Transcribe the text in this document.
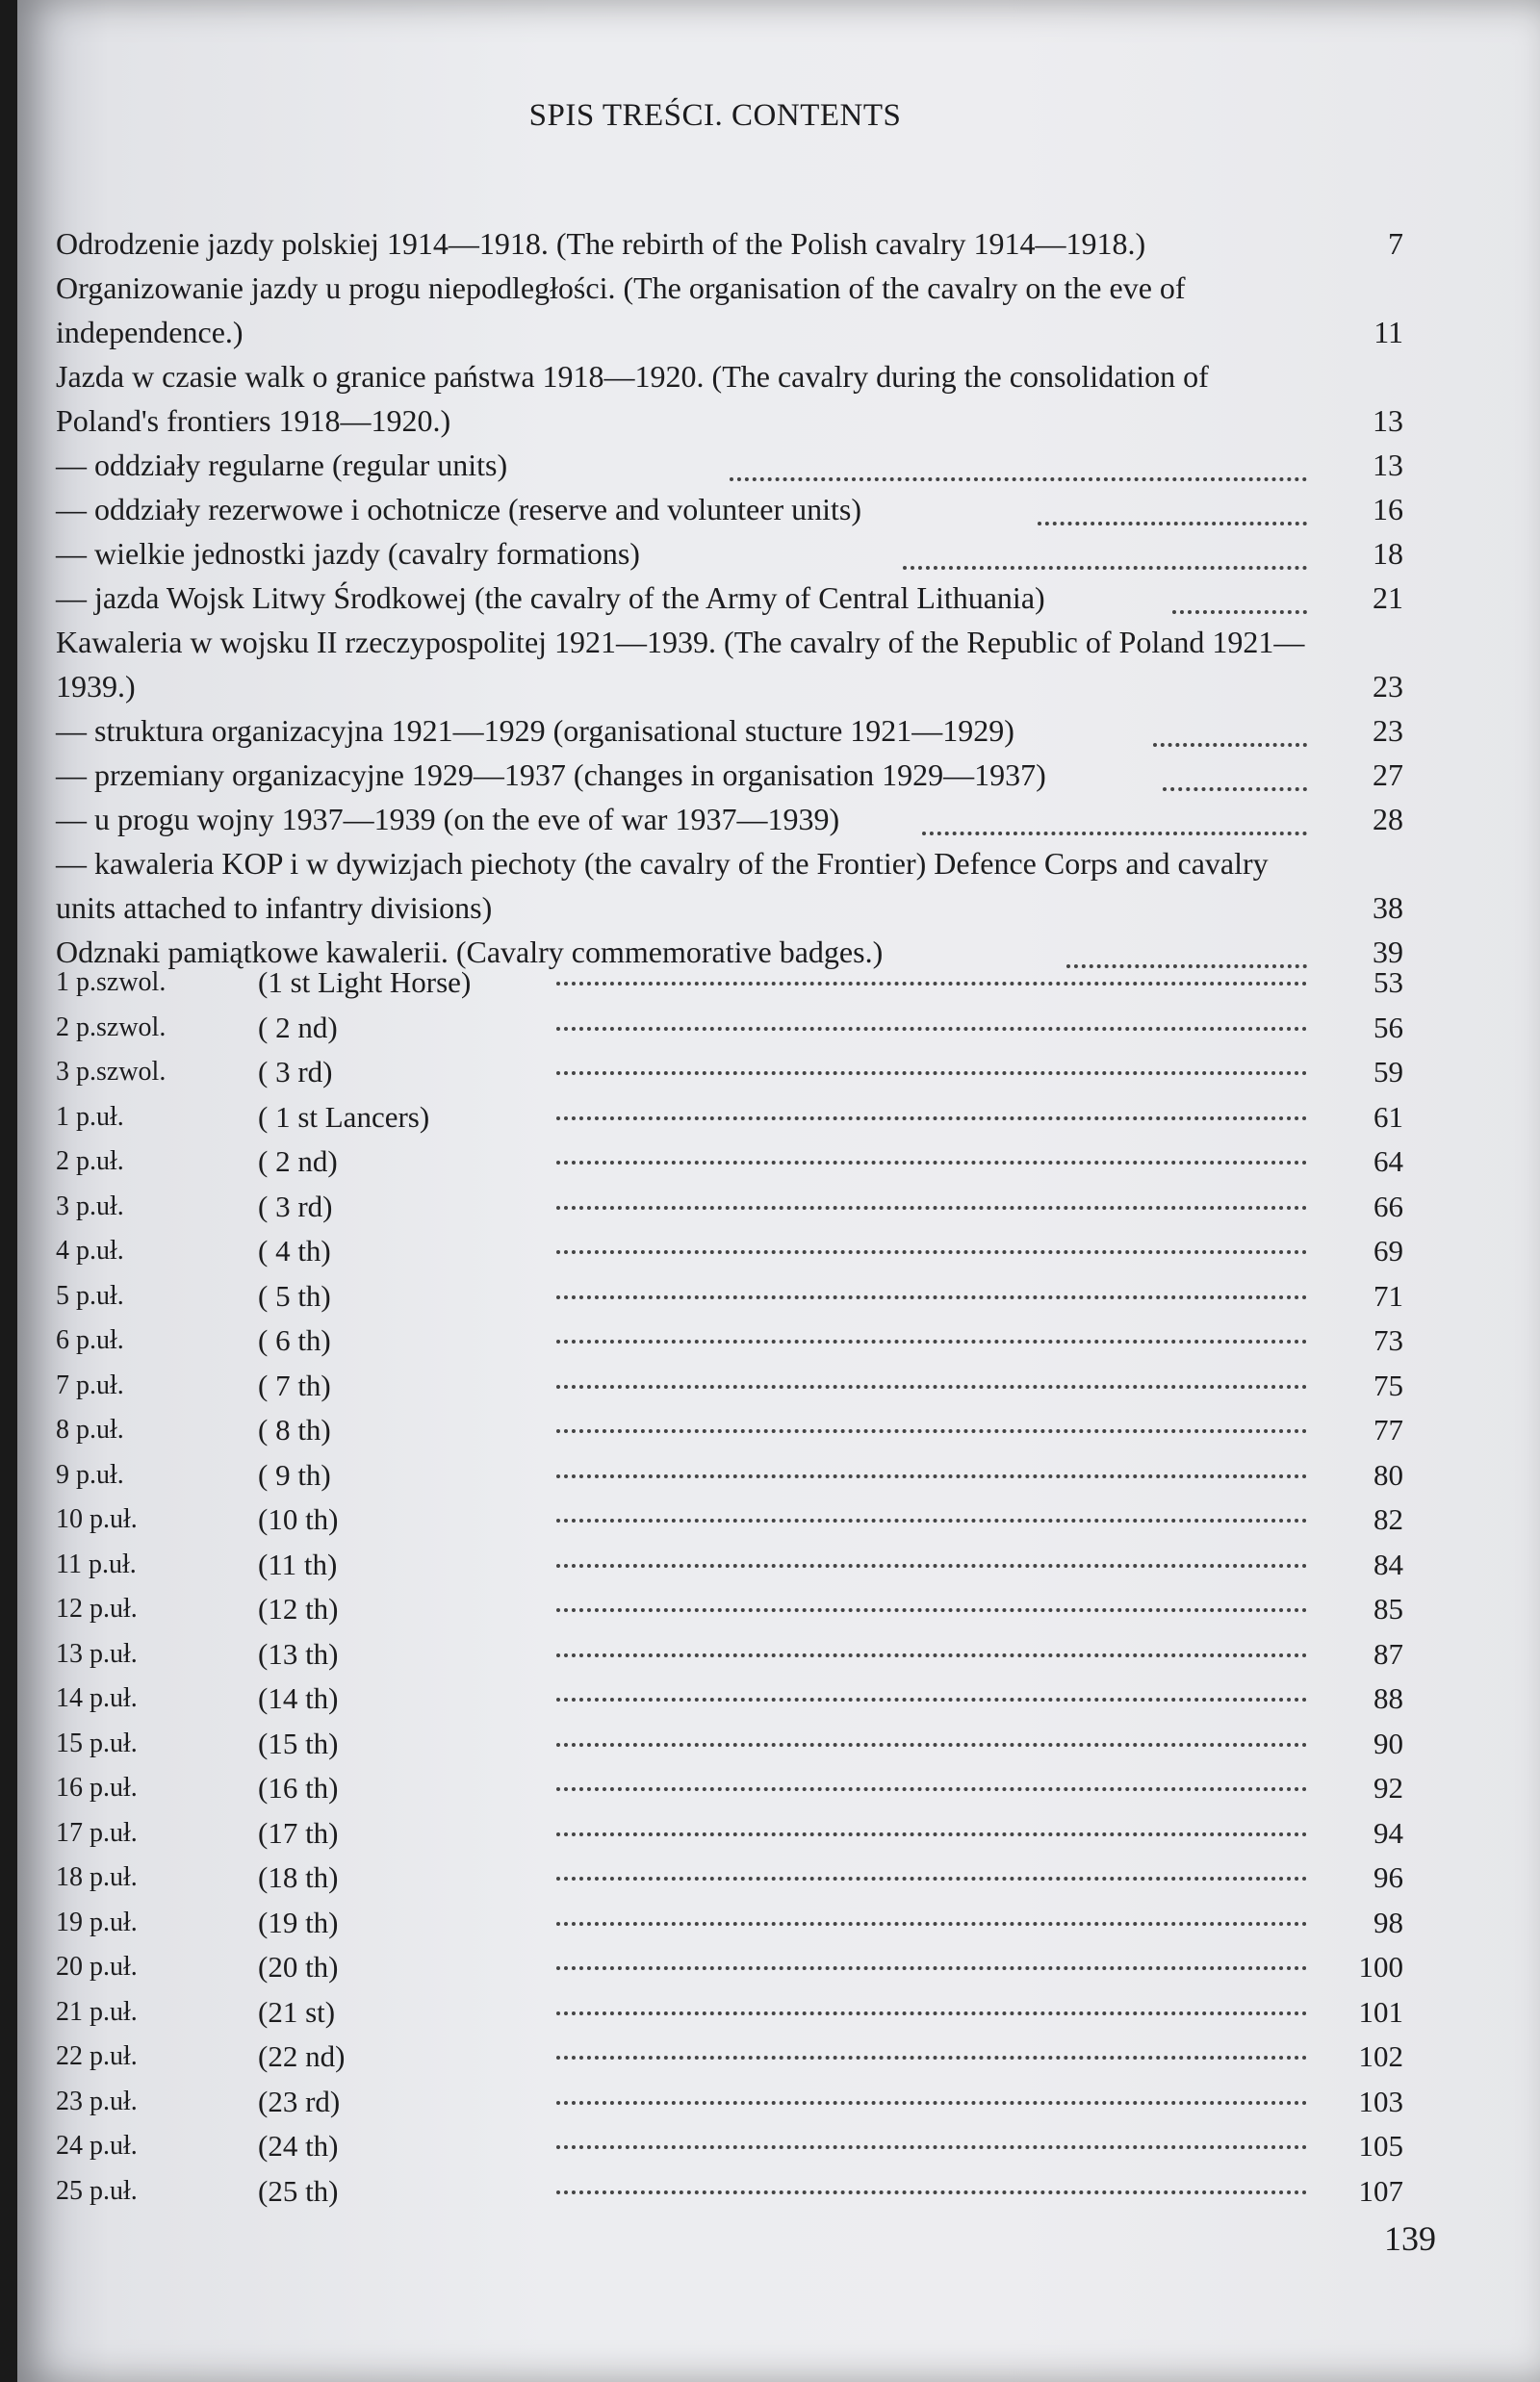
SPIS TREŚCI. CONTENTS
Odrodzenie jazdy polskiej 1914—1918. (The rebirth of the Polish cavalry 1914—1918.)	7
Organizowanie jazdy u progu niepodległości. (The organisation of the cavalry on the eve of independence.)	11
Jazda w czasie walk o granice państwa 1918—1920. (The cavalry during the consolidation of Poland's frontiers 1918—1920.)	13
— oddziały regularne (regular units)	13
— oddziały rezerwowe i ochotnicze (reserve and volunteer units)	16
— wielkie jednostki jazdy (cavalry formations)	18
— jazda Wojsk Litwy Środkowej (the cavalry of the Army of Central Lithuania)	21
Kawaleria w wojsku II rzeczypospolitej 1921—1939. (The cavalry of the Republic of Poland 1921—1939.)	23
— struktura organizacyjna 1921—1929 (organisational stucture 1921—1929)	23
— przemiany organizacyjne 1929—1937 (changes in organisation 1929—1937)	27
— u progu wojny 1937—1939 (on the eve of war 1937—1939)	28
— kawaleria KOP i w dywizjach piechoty (the cavalry of the Frontier) Defence Corps and cavalry units attached to infantry divisions)	38
Odznaki pamiątkowe kawalerii. (Cavalry commemorative badges.)	39
1 p.szwol.	(1 st Light Horse)	53
2 p.szwol.	( 2 nd)	56
3 p.szwol.	( 3 rd)	59
1 p.uł.	( 1 st Lancers)	61
2 p.uł.	( 2 nd)	64
3 p.uł.	( 3 rd)	66
4 p.uł.	( 4 th)	69
5 p.uł.	( 5 th)	71
6 p.uł.	( 6 th)	73
7 p.uł.	( 7 th)	75
8 p.uł.	( 8 th)	77
9 p.uł.	( 9 th)	80
10 p.uł.	(10 th)	82
11 p.uł.	(11 th)	84
12 p.uł.	(12 th)	85
13 p.uł.	(13 th)	87
14 p.uł.	(14 th)	88
15 p.uł.	(15 th)	90
16 p.uł.	(16 th)	92
17 p.uł.	(17 th)	94
18 p.uł.	(18 th)	96
19 p.uł.	(19 th)	98
20 p.uł.	(20 th)	100
21 p.uł.	(21 st)	101
22 p.uł.	(22 nd)	102
23 p.uł.	(23 rd)	103
24 p.uł.	(24 th)	105
25 p.uł.	(25 th)	107
139
